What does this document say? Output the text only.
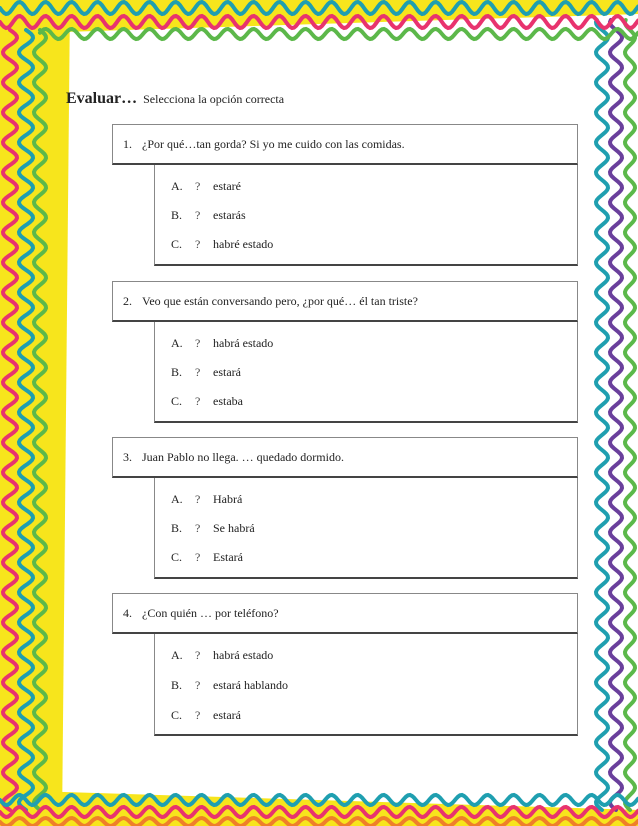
Evaluar… Selecciona la opción correcta
1. ¿Por qué…tan gorda? Si yo me cuido con las comidas.
A.	?	estaré
B.	?	estarás
C.	?	habré estado
2. Veo que están conversando pero, ¿por qué… él tan triste?
A.	?	habrá estado
B.	?	estará
C.	?	estaba
3. Juan Pablo no llega. … quedado dormido.
A.	?	Habrá
B.	?	Se habrá
C.	?	Estará
4. ¿Con quién … por teléfono?
A.	?	habrá estado
B.	?	estará hablando
C.	?	estará
